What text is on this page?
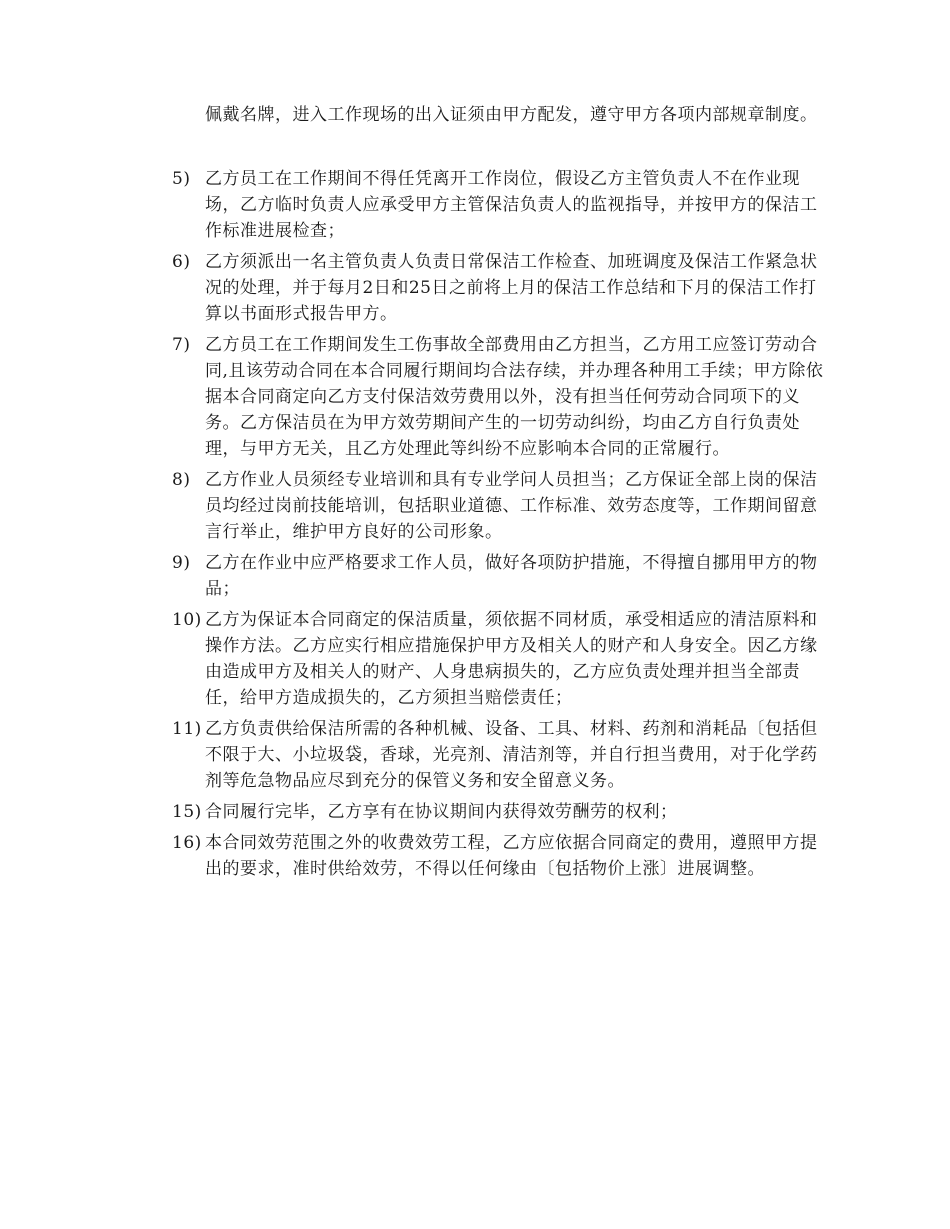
佩戴名牌，进入工作现场的出入证须由甲方配发，遵守甲方各项内部规章制度。
5) 乙方员工在工作期间不得任凭离开工作岗位，假设乙方主管负责人不在作业现场，乙方临时负责人应承受甲方主管保洁负责人的监视指导，并按甲方的保洁工作标准进展检查；
6) 乙方须派出一名主管负责人负责日常保洁工作检查、加班调度及保洁工作紧急状况的处理，并于每月2日和25日之前将上月的保洁工作总结和下月的保洁工作打算以书面形式报告甲方。
7) 乙方员工在工作期间发生工伤事故全部费用由乙方担当，乙方用工应签订劳动合同,且该劳动合同在本合同履行期间均合法存续，并办理各种用工手续；甲方除依据本合同商定向乙方支付保洁效劳费用以外，没有担当任何劳动合同项下的义务。乙方保洁员在为甲方效劳期间产生的一切劳动纠纷，均由乙方自行负责处理，与甲方无关，且乙方处理此等纠纷不应影响本合同的正常履行。
8) 乙方作业人员须经专业培训和具有专业学问人员担当；乙方保证全部上岗的保洁员均经过岗前技能培训，包括职业道德、工作标准、效劳态度等，工作期间留意言行举止，维护甲方良好的公司形象。
9) 乙方在作业中应严格要求工作人员，做好各项防护措施，不得擅自挪用甲方的物品；
10) 乙方为保证本合同商定的保洁质量，须依据不同材质，承受相适应的清洁原料和操作方法。乙方应实行相应措施保护甲方及相关人的财产和人身安全。因乙方缘由造成甲方及相关人的财产、人身患病损失的，乙方应负责处理并担当全部责任，给甲方造成损失的，乙方须担当赔偿责任；
11) 乙方负责供给保洁所需的各种机械、设备、工具、材料、药剂和消耗品〔包括但不限于大、小垃圾袋，香球，光亮剂、清洁剂等，并自行担当费用，对于化学药剂等危急物品应尽到充分的保管义务和安全留意义务。
15) 合同履行完毕，乙方享有在协议期间内获得效劳酬劳的权利；
16) 本合同效劳范围之外的收费效劳工程，乙方应依据合同商定的费用，遵照甲方提出的要求，准时供给效劳，不得以任何缘由〔包括物价上涨〕进展调整。
